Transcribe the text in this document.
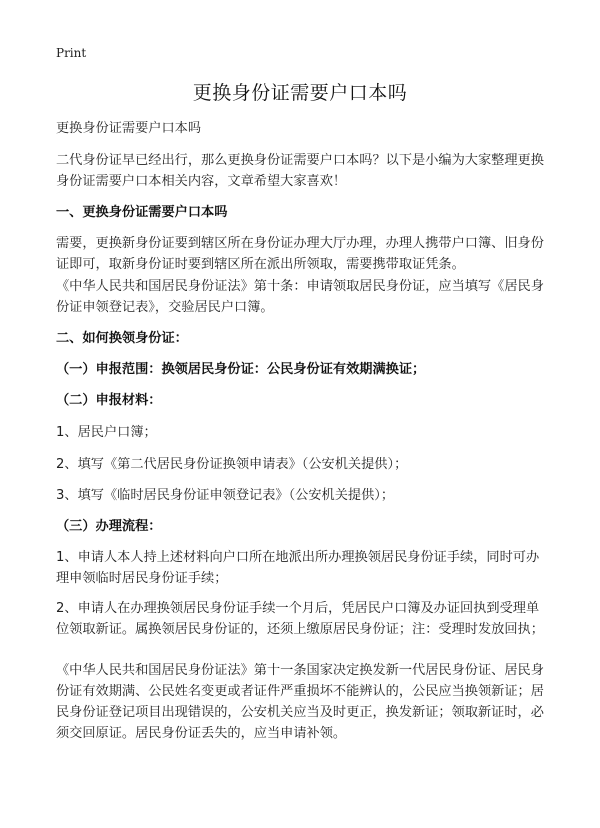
Print
更换身份证需要户口本吗

更换身份证需要户口本吗

二代身份证早已经出行，那么更换身份证需要户口本吗？以下是小编为大家整理更换身份证需要户口本相关内容，文章希望大家喜欢！

一、更换身份证需要户口本吗

需要，更换新身份证要到辖区所在身份证办理大厅办理，办理人携带户口簿、旧身份证即可，取新身份证时要到辖区所在派出所领取，需要携带取证凭条。

《中华人民共和国居民身份证法》第十条：申请领取居民身份证，应当填写《居民身份证申领登记表》，交验居民户口簿。

二、如何换领身份证：

（一）申报范围：换领居民身份证：公民身份证有效期满换证；

（二）申报材料：

1、居民户口簿；

2、填写《第二代居民身份证换领申请表》（公安机关提供）；

3、填写《临时居民身份证申领登记表》（公安机关提供）；

（三）办理流程：

1、申请人本人持上述材料向户口所在地派出所办理换领居民身份证手续，同时可办理申领临时居民身份证手续；

2、申请人在办理换领居民身份证手续一个月后，凭居民户口簿及办证回执到受理单位领取新证。属换领居民身份证的，还须上缴原居民身份证；注：受理时发放回执；

《中华人民共和国居民身份证法》第十一条国家决定换发新一代居民身份证、居民身份证有效期满、公民姓名变更或者证件严重损坏不能辨认的，公民应当换领新证；居民身份证登记项目出现错误的，公安机关应当及时更正，换发新证；领取新证时，必须交回原证。居民身份证丢失的，应当申请补领。
